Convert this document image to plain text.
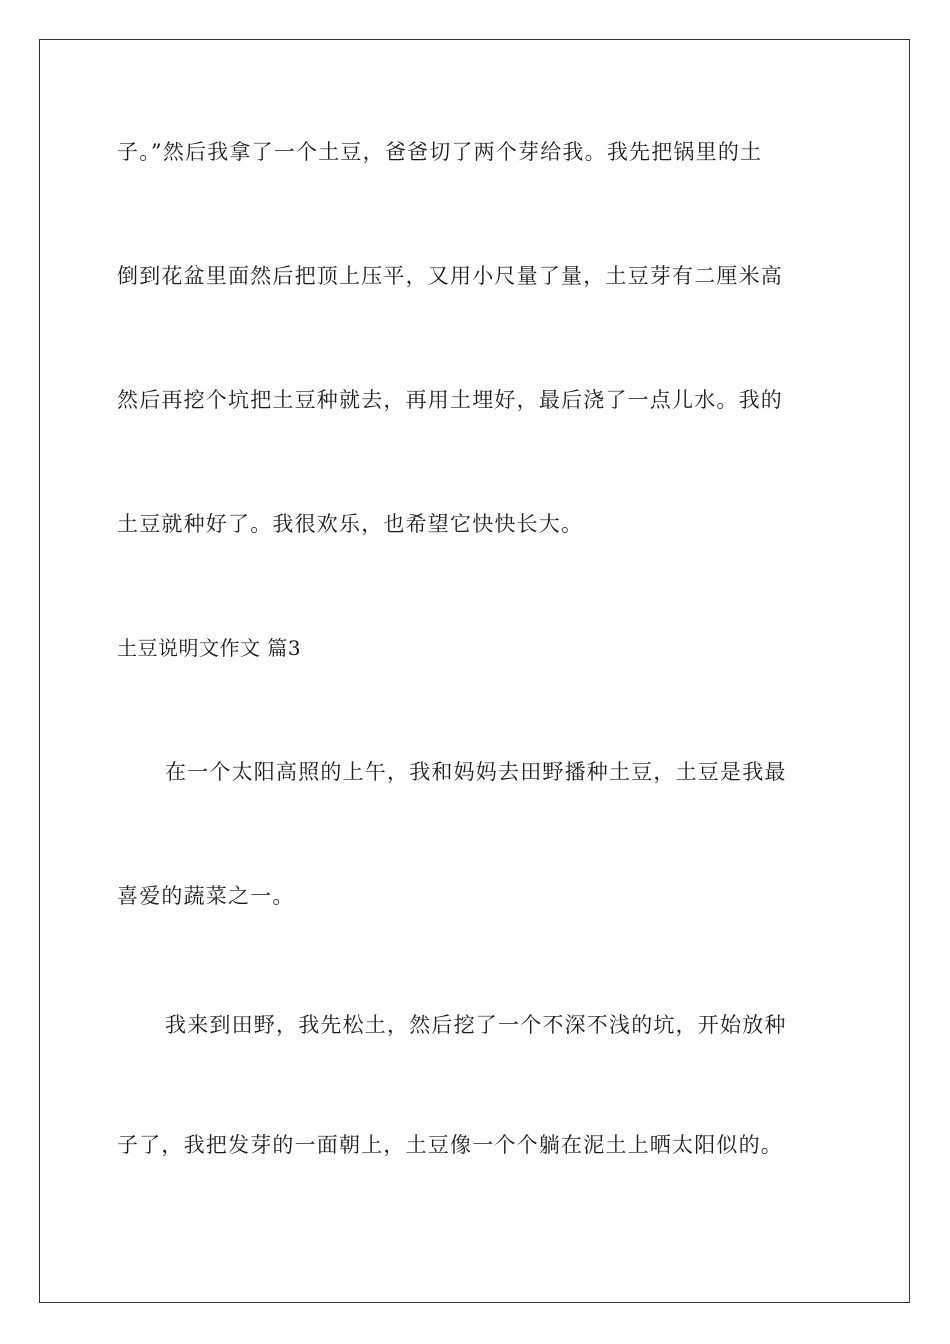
子。”然后我拿了一个土豆，爸爸切了两个芽给我。我先把锅里的土
倒到花盆里面然后把顶上压平，又用小尺量了量，土豆芽有二厘米高
然后再挖个坑把土豆种就去，再用土埋好，最后浇了一点儿水。我的
土豆就种好了。我很欢乐，也希望它快快长大。
土豆说明文作文 篇3
在一个太阳高照的上午，我和妈妈去田野播种土豆，土豆是我最
喜爱的蔬菜之一。
我来到田野，我先松土，然后挖了一个不深不浅的坑，开始放种
子了，我把发芽的一面朝上，土豆像一个个躺在泥土上晒太阳似的。
